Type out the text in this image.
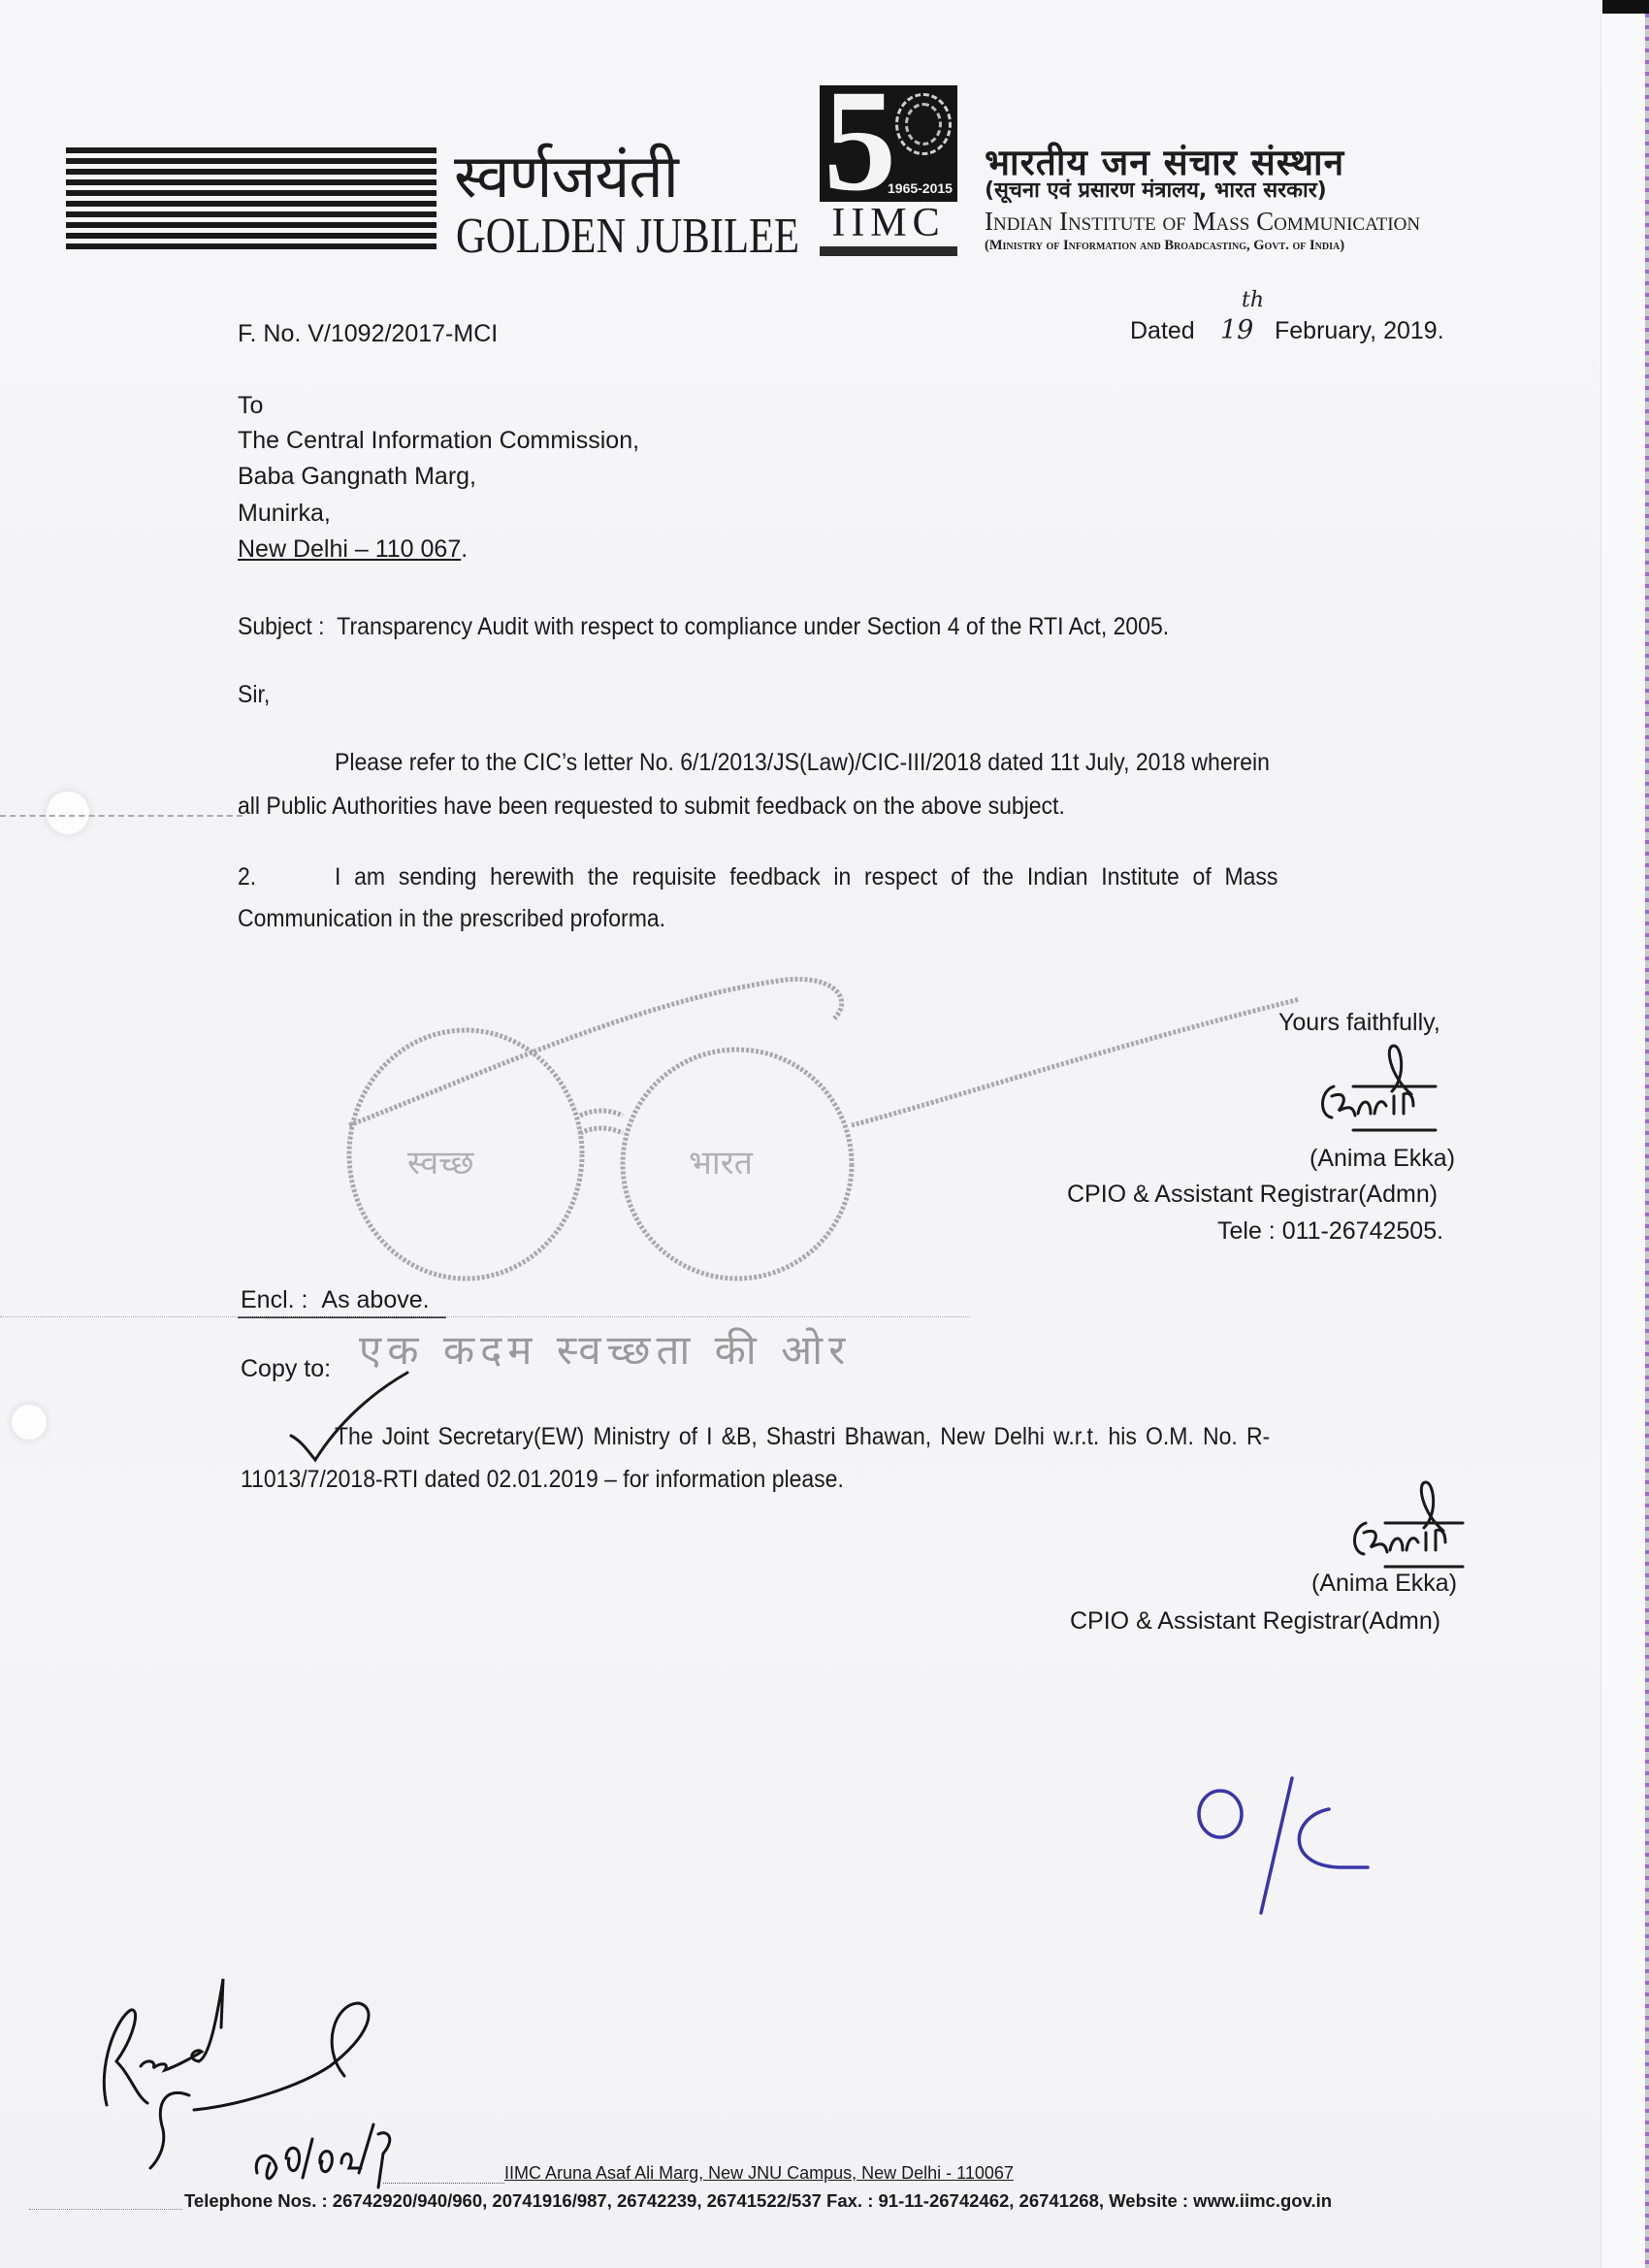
स्वर्णजयंती
GOLDEN JUBILEE
5
1965-2015
IIMC
भारतीय जन संचार संस्थान
(सूचना एवं प्रसारण मंत्रालय, भारत सरकार)
Indian Institute of Mass Communication
(Ministry of Information and Broadcasting, Govt. of India)
F. No. V/1092/2017-MCI	Dated 19
th
February, 2019.
To
The Central Information Commission,
Baba Gangnath Marg,
Munirka,
New Delhi – 110 067.
Subject : Transparency Audit with respect to compliance under Section 4 of the RTI Act, 2005.
Sir,
Please refer to the CIC’s letter No. 6/1/2013/JS(Law)/CIC-III/2018 dated 11t July, 2018 wherein
all Public Authorities have been requested to submit feedback on the above subject.
2.	I am sending herewith the requisite feedback in respect of the Indian Institute of Mass
Communication in the prescribed proforma.
स्वच्छ	भारत
Yours faithfully,
(Anima Ekka)
CPIO & Assistant Registrar(Admn)
Tele : 011-26742505.
Encl. : As above.
एक कदम स्वच्छता की ओर
Copy to:
The Joint Secretary(EW) Ministry of I &B, Shastri Bhawan, New Delhi w.r.t. his O.M. No. R-
11013/7/2018-RTI dated 02.01.2019 – for information please.
(Anima Ekka)
CPIO & Assistant Registrar(Admn)
IIMC Aruna Asaf Ali Marg, New JNU Campus, New Delhi - 110067
Telephone Nos. : 26742920/940/960, 20741916/987, 26742239, 26741522/537 Fax. : 91-11-26742462, 26741268, Website : www.iimc.gov.in
